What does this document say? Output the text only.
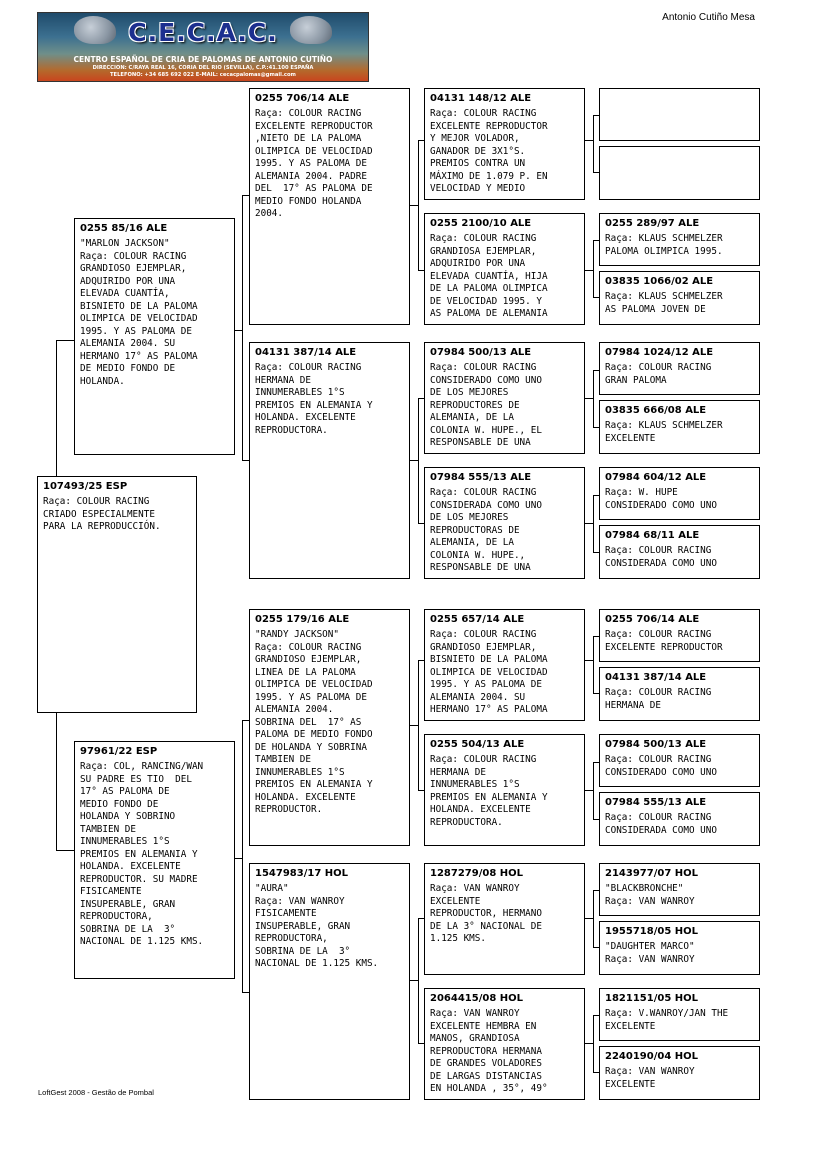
C.E.C.A.C.
CENTRO ESPAÑOL DE CRIA DE PALOMAS DE ANTONIO CUTIÑO
DIRECCION: C/RAYA REAL 16, CORIA DEL RIO (SEVILLA), C.P.:41.100 ESPAÑA
TELEFONO: +34 685 692 022 E-MAIL: cecacpalomas@gmail.com
Antonio Cutiño Mesa
107493/25 ESP
Raça: COLOUR RACING
CRIADO ESPECIALMENTE
PARA LA REPRODUCCIÓN.
0255 85/16 ALE
"MARLON JACKSON"
Raça: COLOUR RACING
GRANDIOSO EJEMPLAR,
ADQUIRIDO POR UNA
ELEVADA CUANTÍA,
BISNIETO DE LA PALOMA
OLIMPICA DE VELOCIDAD
1995. Y AS PALOMA DE
ALEMANIA 2004. SU
HERMANO 17° AS PALOMA
DE MEDIO FONDO DE
HOLANDA.
97961/22 ESP
Raça: COL, RANCING/WAN
SU PADRE ES TIO  DEL
17° AS PALOMA DE
MEDIO FONDO DE
HOLANDA Y SOBRINO
TAMBIEN DE
INNUMERABLES 1°S
PREMIOS EN ALEMANIA Y
HOLANDA. EXCELENTE
REPRODUCTOR. SU MADRE
FISICAMENTE
INSUPERABLE, GRAN
REPRODUCTORA,
SOBRINA DE LA  3°
NACIONAL DE 1.125 KMS.
0255 706/14 ALE
Raça: COLOUR RACING
EXCELENTE REPRODUCTOR
,NIETO DE LA PALOMA
OLIMPICA DE VELOCIDAD
1995. Y AS PALOMA DE
ALEMANIA 2004. PADRE
DEL  17° AS PALOMA DE
MEDIO FONDO HOLANDA
2004.
04131 387/14 ALE
Raça: COLOUR RACING
HERMANA DE
INNUMERABLES 1°S
PREMIOS EN ALEMANIA Y
HOLANDA. EXCELENTE
REPRODUCTORA.
0255 179/16 ALE
"RANDY JACKSON"
Raça: COLOUR RACING
GRANDIOSO EJEMPLAR,
LINEA DE LA PALOMA
OLIMPICA DE VELOCIDAD
1995. Y AS PALOMA DE
ALEMANIA 2004.
SOBRINA DEL  17° AS
PALOMA DE MEDIO FONDO
DE HOLANDA Y SOBRINA
TAMBIEN DE
INNUMERABLES 1°S
PREMIOS EN ALEMANIA Y
HOLANDA. EXCELENTE
REPRODUCTOR.
1547983/17 HOL
"AURA"
Raça: VAN WANROY
FISICAMENTE
INSUPERABLE, GRAN
REPRODUCTORA,
SOBRINA DE LA  3°
NACIONAL DE 1.125 KMS.
04131 148/12 ALE
Raça: COLOUR RACING
EXCELENTE REPRODUCTOR
Y MEJOR VOLADOR,
GANADOR DE 3X1°S.
PREMIOS CONTRA UN
MÁXIMO DE 1.079 P. EN
VELOCIDAD Y MEDIO
0255 2100/10 ALE
Raça: COLOUR RACING
GRANDIOSA EJEMPLAR,
ADQUIRIDO POR UNA
ELEVADA CUANTÍA, HIJA
DE LA PALOMA OLIMPICA
DE VELOCIDAD 1995. Y
AS PALOMA DE ALEMANIA
07984 500/13 ALE
Raça: COLOUR RACING
CONSIDERADO COMO UNO
DE LOS MEJORES
REPRODUCTORES DE
ALEMANIA, DE LA
COLONIA W. HUPE., EL
RESPONSABLE DE UNA
07984 555/13 ALE
Raça: COLOUR RACING
CONSIDERADA COMO UNO
DE LOS MEJORES
REPRODUCTORAS DE
ALEMANIA, DE LA
COLONIA W. HUPE.,
RESPONSABLE DE UNA
0255 657/14 ALE
Raça: COLOUR RACING
GRANDIOSO EJEMPLAR,
BISNIETO DE LA PALOMA
OLIMPICA DE VELOCIDAD
1995. Y AS PALOMA DE
ALEMANIA 2004. SU
HERMANO 17° AS PALOMA
0255 504/13 ALE
Raça: COLOUR RACING
HERMANA DE
INNUMERABLES 1°S
PREMIOS EN ALEMANIA Y
HOLANDA. EXCELENTE
REPRODUCTORA.
1287279/08 HOL
Raça: VAN WANROY
EXCELENTE
REPRODUCTOR, HERMANO
DE LA 3° NACIONAL DE
1.125 KMS.
2064415/08 HOL
Raça: VAN WANROY
EXCELENTE HEMBRA EN
MANOS, GRANDIOSA
REPRODUCTORA HERMANA
DE GRANDES VOLADORES
DE LARGAS DISTANCIAS
EN HOLANDA , 35°, 49°
0255 289/97 ALE
Raça: KLAUS SCHMELZER
PALOMA OLIMPICA 1995.
03835 1066/02 ALE
Raça: KLAUS SCHMELZER
AS PALOMA JOVEN DE
07984 1024/12 ALE
Raça: COLOUR RACING
GRAN PALOMA
03835 666/08 ALE
Raça: KLAUS SCHMELZER
EXCELENTE
07984 604/12 ALE
Raça: W. HUPE
CONSIDERADO COMO UNO
07984 68/11 ALE
Raça: COLOUR RACING
CONSIDERADA COMO UNO
0255 706/14 ALE
Raça: COLOUR RACING
EXCELENTE REPRODUCTOR
04131 387/14 ALE
Raça: COLOUR RACING
HERMANA DE
07984 500/13 ALE
Raça: COLOUR RACING
CONSIDERADO COMO UNO
07984 555/13 ALE
Raça: COLOUR RACING
CONSIDERADA COMO UNO
2143977/07 HOL
"BLACKBRONCHE"
Raça: VAN WANROY
1955718/05 HOL
"DAUGHTER MARCO"
Raça: VAN WANROY
1821151/05 HOL
Raça: V.WANROY/JAN THE
EXCELENTE
2240190/04 HOL
Raça: VAN WANROY
EXCELENTE
LoftGest 2008 - Gestão de Pombal
